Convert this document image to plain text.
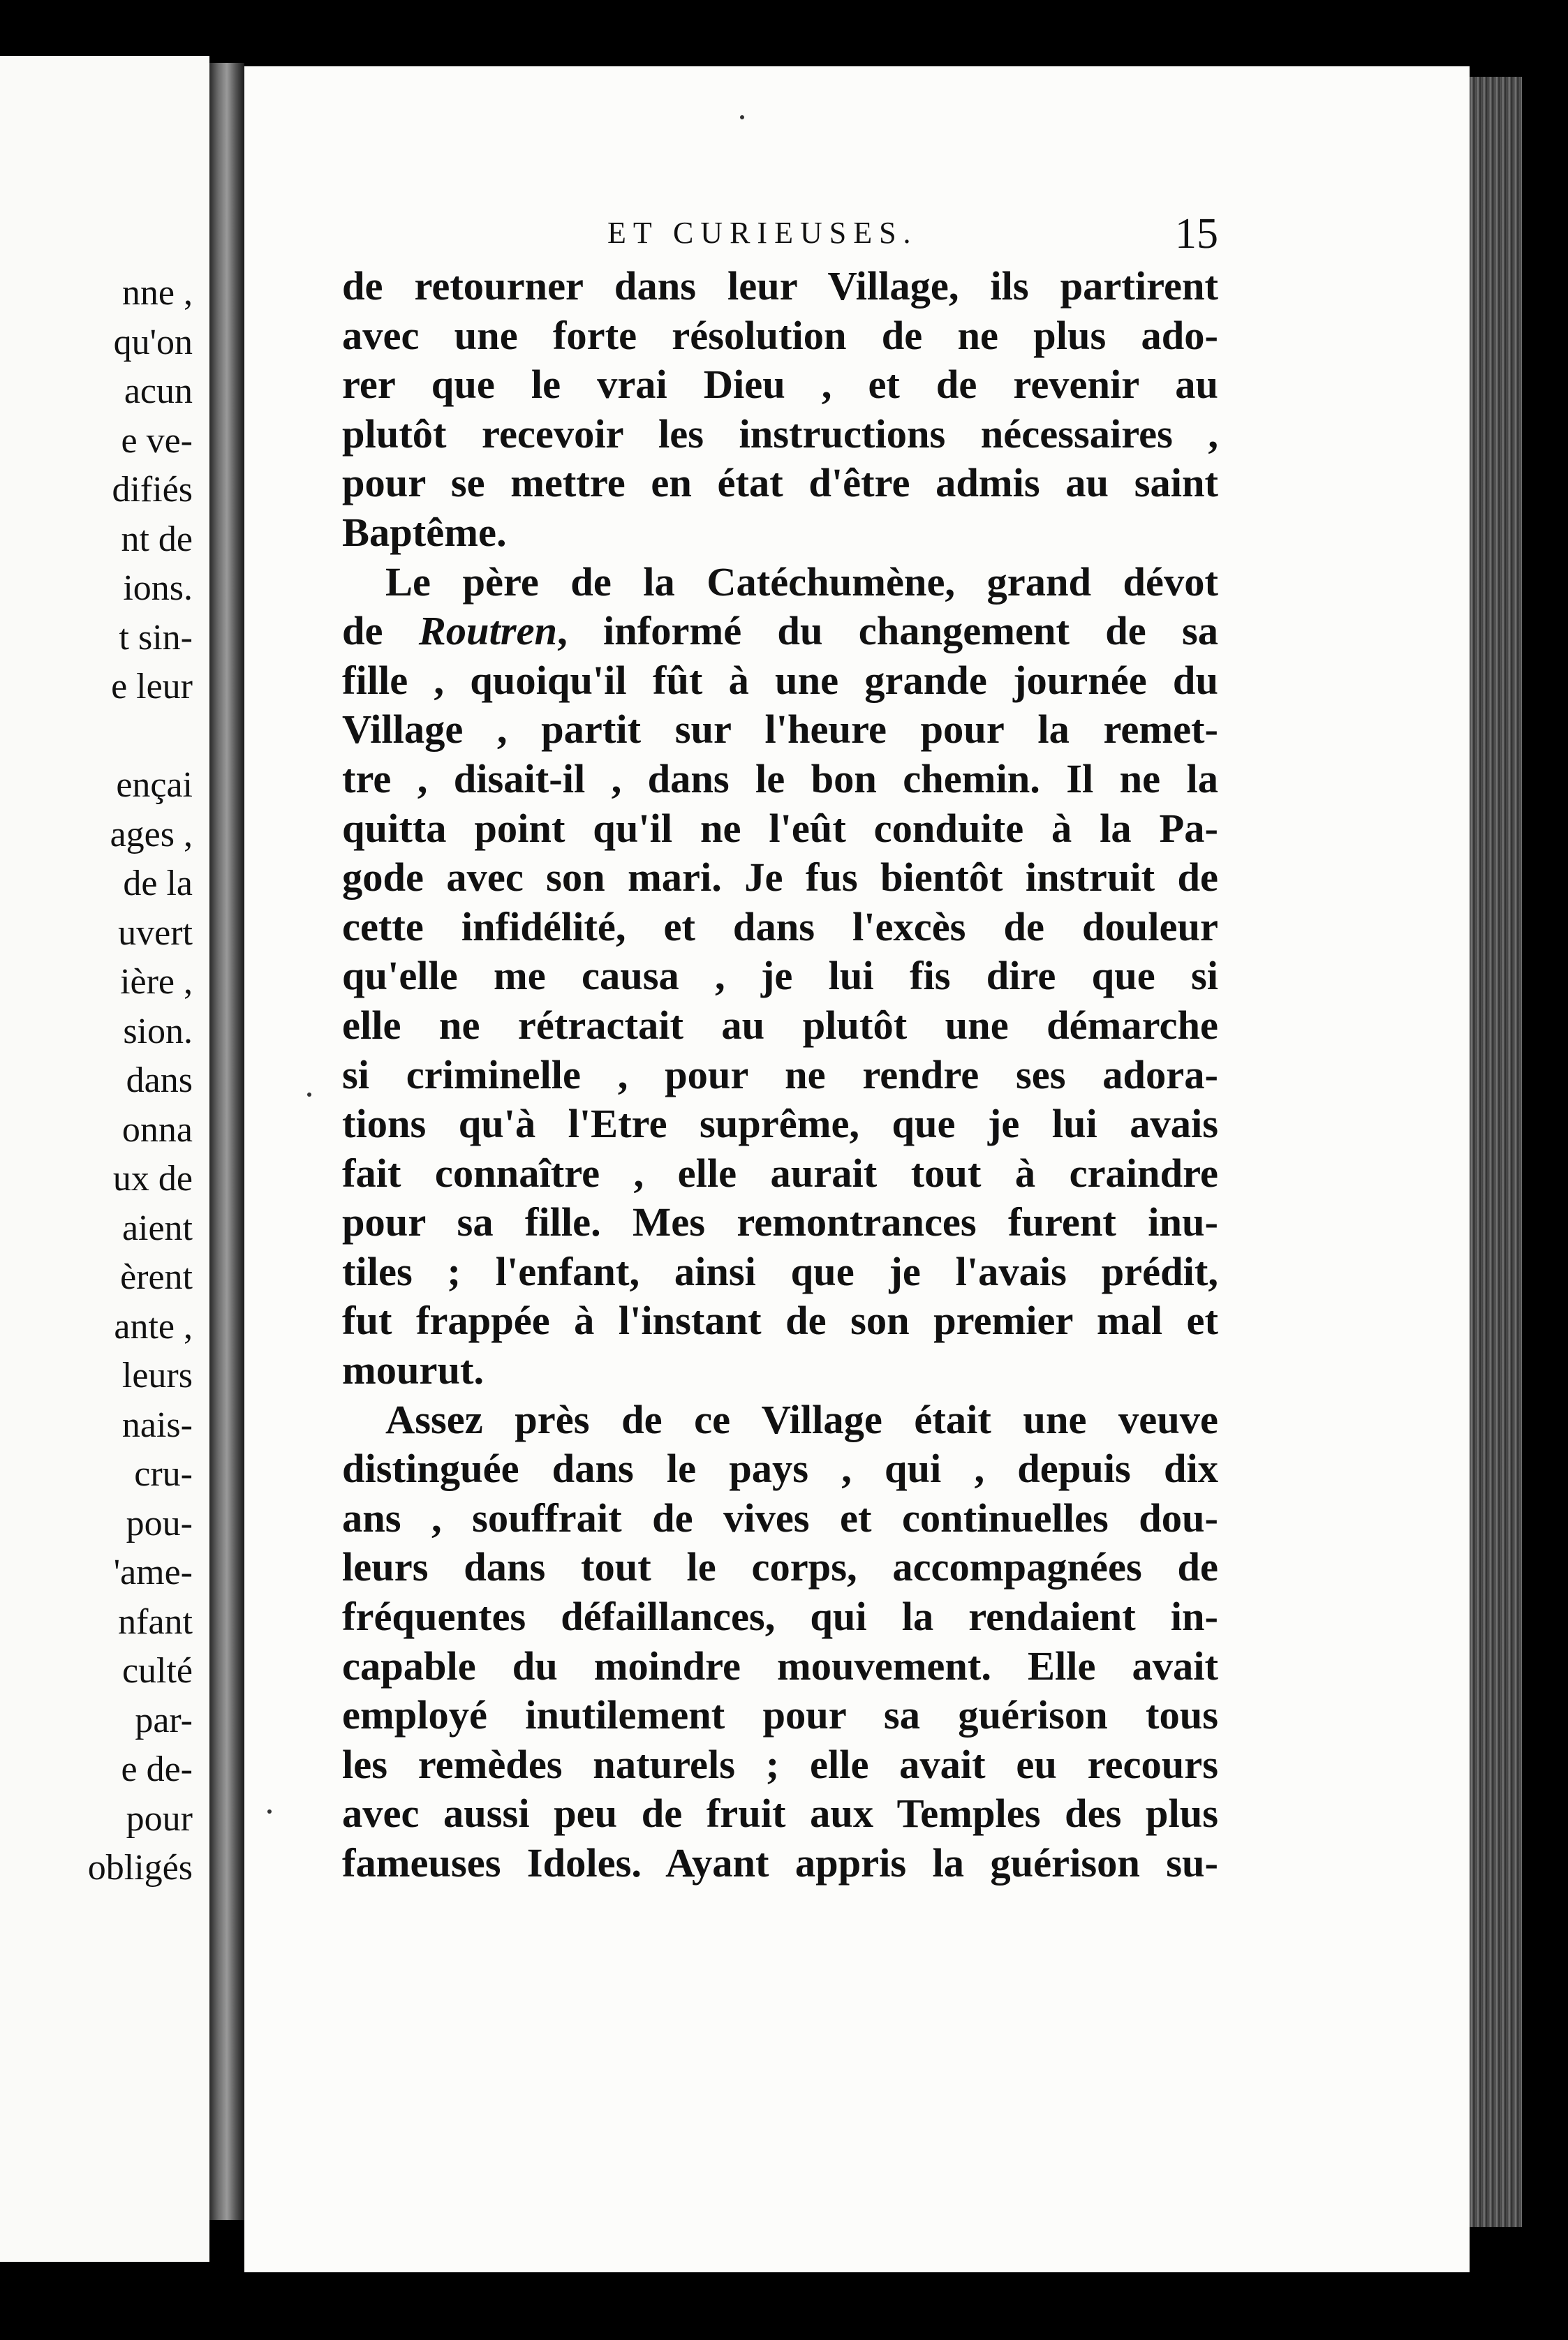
nne ,
qu'on
acun
e ve-
difiés
nt de
ions.
t sin-
e leur
ençai
ages ,
de la
uvert
ière ,
sion.
dans
onna
ux de
aient
èrent
ante ,
leurs
nais-
cru-
pou-
'ame-
nfant
culté
par-
e de-
pour
obligés
ET CURIEUSES.	15
de retourner dans leur Village, ils partirent
avec une forte résolution de ne plus ado-
rer que le vrai Dieu , et de revenir au
plutôt recevoir les instructions nécessaires ,
pour se mettre en état d'être admis au saint
Baptême.
Le père de la Catéchumène, grand dévot
de Routren, informé du changement de sa
fille , quoiqu'il fût à une grande journée du
Village , partit sur l'heure pour la remet-
tre , disait-il , dans le bon chemin. Il ne la
quitta point qu'il ne l'eût conduite à la Pa-
gode avec son mari. Je fus bientôt instruit de
cette infidélité, et dans l'excès de douleur
qu'elle me causa , je lui fis dire que si
elle ne rétractait au plutôt une démarche
si criminelle , pour ne rendre ses adora-
tions qu'à l'Etre suprême, que je lui avais
fait connaître , elle aurait tout à craindre
pour sa fille. Mes remontrances furent inu-
tiles ; l'enfant, ainsi que je l'avais prédit,
fut frappée à l'instant de son premier mal et
mourut.
Assez près de ce Village était une veuve
distinguée dans le pays , qui , depuis dix
ans , souffrait de vives et continuelles dou-
leurs dans tout le corps, accompagnées de
fréquentes défaillances, qui la rendaient in-
capable du moindre mouvement. Elle avait
employé inutilement pour sa guérison tous
les remèdes naturels ; elle avait eu recours
avec aussi peu de fruit aux Temples des plus
fameuses Idoles. Ayant appris la guérison su-
